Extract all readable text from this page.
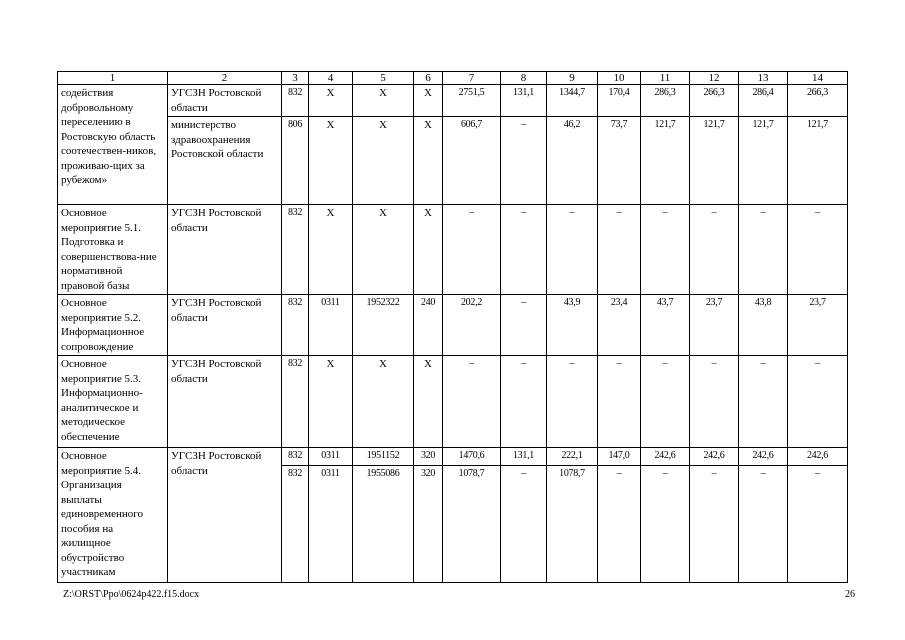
1	2	3	4	5	6	7	8	9	10	11	12	13	14
содействия добровольному переселению в Ростовскую область соотечествен-ников, проживаю-щих за рубежом»	УГСЗН Ростовской области	832	Х	Х	Х	2751,5	131,1	1344,7	170,4	286,3	266,3	286,4	266,3
	министерство здравоохранения Ростовской области	806	Х	Х	Х	606,7	–	46,2	73,7	121,7	121,7	121,7	121,7
Основное мероприятие 5.1. Подготовка и совершенствова-ние нормативной правовой базы	УГСЗН Ростовской области	832	Х	Х	Х	–	–	–	–	–	–	–	–
Основное мероприятие 5.2. Информационное сопровождение	УГСЗН Ростовской области	832	0311	1952322	240	202,2	–	43,9	23,4	43,7	23,7	43,8	23,7
Основное мероприятие 5.3. Информационно-аналитическое и методическое обеспечение	УГСЗН Ростовской области	832	Х	Х	Х	–	–	–	–	–	–	–	–
Основное мероприятие 5.4. Организация выплаты единовременного пособия на жилищное обустройство участникам	УГСЗН Ростовской области	832	0311	1951152	320	1470,6	131,1	222,1	147,0	242,6	242,6	242,6	242,6
		832	0311	1955086	320	1078,7	–	1078,7	–	–	–	–	–
Z:\ORST\Ppo\0624p422.f15.docx	26
